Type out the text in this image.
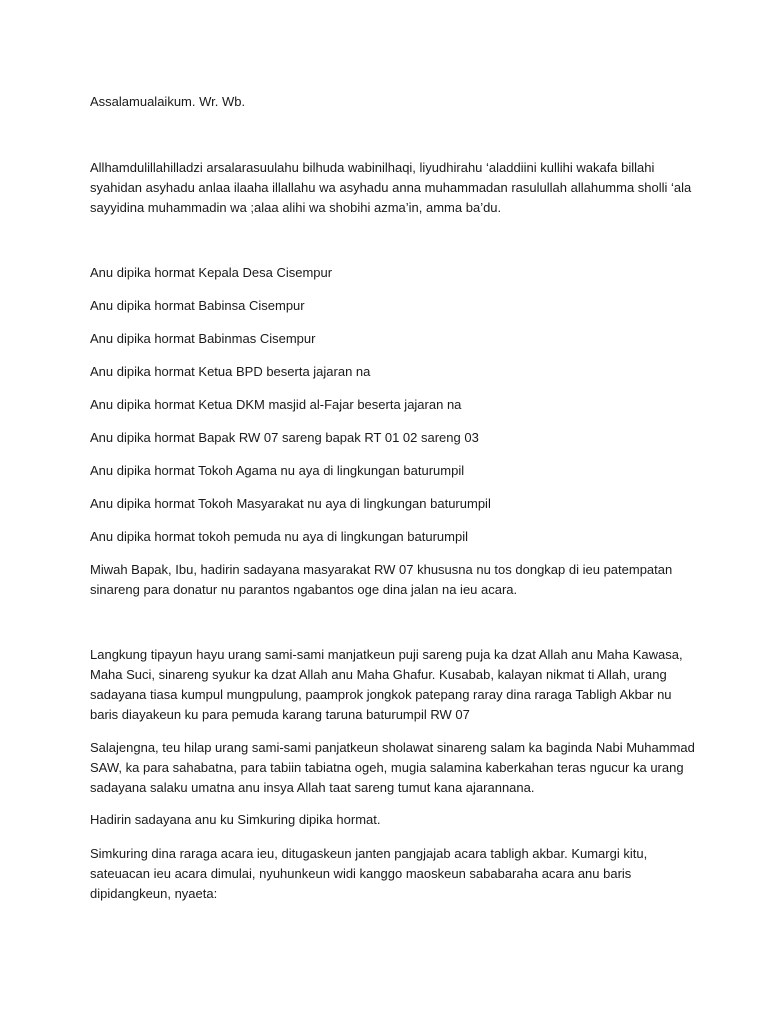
Assalamualaikum. Wr. Wb.

Allhamdulillahilladzi arsalarasuulahu bilhuda wabinilhaqi, liyudhirahu ‘aladdiini kullihi wakafa billahi
syahidan asyhadu anlaa ilaaha illallahu wa asyhadu anna muhammadan rasulullah allahumma sholli ‘ala
sayyidina muhammadin wa ;alaa alihi wa shobihi azma’in, amma ba’du.

Anu dipika hormat Kepala Desa Cisempur

Anu dipika hormat Babinsa Cisempur

Anu dipika hormat Babinmas Cisempur

Anu dipika hormat Ketua BPD beserta jajaran na

Anu dipika hormat Ketua DKM masjid al-Fajar beserta jajaran na

Anu dipika hormat Bapak RW 07 sareng bapak RT 01 02 sareng 03

Anu dipika hormat Tokoh Agama nu aya di lingkungan baturumpil

Anu dipika hormat Tokoh Masyarakat nu aya di lingkungan baturumpil

Anu dipika hormat tokoh pemuda nu aya di lingkungan baturumpil

Miwah Bapak, Ibu, hadirin sadayana masyarakat RW 07 khususna nu tos dongkap di ieu patempatan
sinareng para donatur nu parantos ngabantos oge dina jalan na ieu acara.

Langkung tipayun hayu urang sami-sami manjatkeun puji sareng puja ka dzat Allah anu Maha Kawasa,
Maha Suci, sinareng syukur ka dzat Allah anu Maha Ghafur. Kusabab, kalayan nikmat ti Allah, urang
sadayana tiasa kumpul mungpulung, paamprok jongkok patepang raray dina raraga Tabligh Akbar nu
baris diayakeun ku para pemuda karang taruna baturumpil RW 07

Salajengna, teu hilap urang sami-sami panjatkeun sholawat sinareng salam ka baginda Nabi Muhammad
SAW, ka para sahabatna, para tabiin tabiatna ogeh, mugia salamina kaberkahan teras ngucur ka urang
sadayana salaku umatna anu insya Allah taat sareng tumut kana ajarannana.

Hadirin sadayana anu ku Simkuring dipika hormat.

Simkuring dina raraga acara ieu, ditugaskeun janten pangjajab acara tabligh akbar. Kumargi kitu,
sateuacan ieu acara dimulai, nyuhunkeun widi kanggo maoskeun sababaraha acara anu baris
dipidangkeun, nyaeta:
